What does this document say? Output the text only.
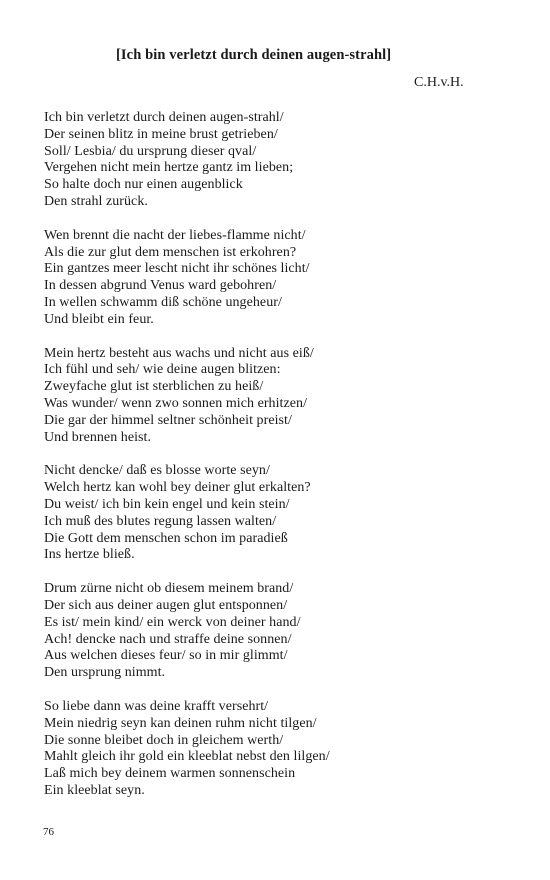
[Ich bin verletzt durch deinen augen-strahl]
C.H.v.H.
Ich bin verletzt durch deinen augen-strahl/
Der seinen blitz in meine brust getrieben/
Soll/ Lesbia/ du ursprung dieser qval/
Vergehen nicht mein hertze gantz im lieben;
So halte doch nur einen augenblick
Den strahl zurück.
Wen brennt die nacht der liebes-flamme nicht/
Als die zur glut dem menschen ist erkohren?
Ein gantzes meer lescht nicht ihr schönes licht/
In dessen abgrund Venus ward gebohren/
In wellen schwamm diß schöne ungeheur/
Und bleibt ein feur.
Mein hertz besteht aus wachs und nicht aus eiß/
Ich fühl und seh/ wie deine augen blitzen:
Zweyfache glut ist sterblichen zu heiß/
Was wunder/ wenn zwo sonnen mich erhitzen/
Die gar der himmel seltner schönheit preist/
Und brennen heist.
Nicht dencke/ daß es blosse worte seyn/
Welch hertz kan wohl bey deiner glut erkalten?
Du weist/ ich bin kein engel und kein stein/
Ich muß des blutes regung lassen walten/
Die Gott dem menschen schon im paradieß
Ins hertze bließ.
Drum zürne nicht ob diesem meinem brand/
Der sich aus deiner augen glut entsponnen/
Es ist/ mein kind/ ein werck von deiner hand/
Ach! dencke nach und straffe deine sonnen/
Aus welchen dieses feur/ so in mir glimmt/
Den ursprung nimmt.
So liebe dann was deine krafft versehrt/
Mein niedrig seyn kan deinen ruhm nicht tilgen/
Die sonne bleibet doch in gleichem werth/
Mahlt gleich ihr gold ein kleeblat nebst den lilgen/
Laß mich bey deinem warmen sonnenschein
Ein kleeblat seyn.
76
